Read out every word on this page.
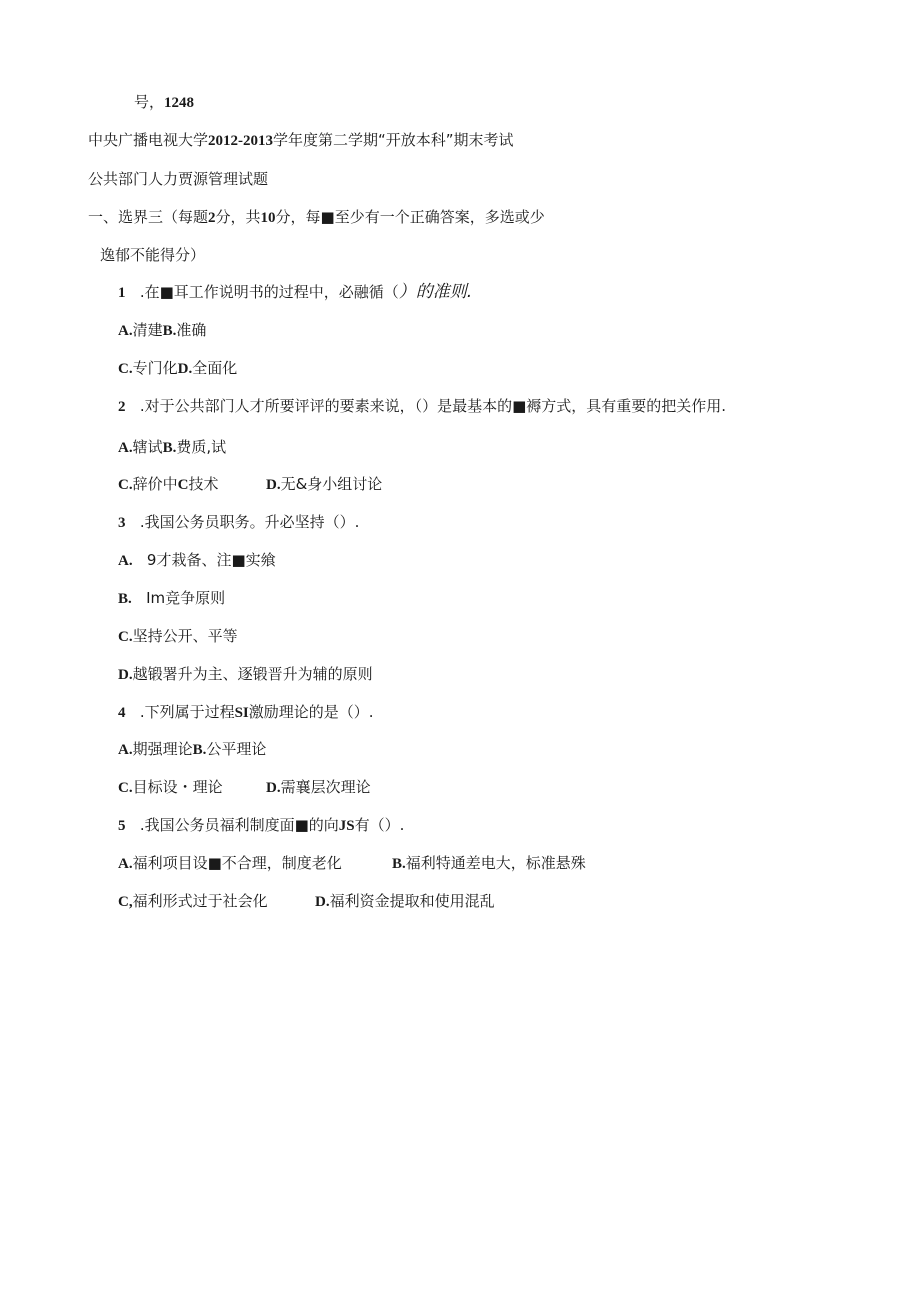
号，1248
中央广播电视大学2012-2013学年度第二学期“开放本科”期末考试
公共部门人力贾源管理试题
一、选界三（每题2分，共10分，每■至少有一个正确答案，多选或少
逸郁不能得分）
1 .在■耳工作说明书的过程中，必融循（）的准则.
A.清建B.准确
C.专门化D.全面化
2 .对于公共部门人才所要评评的要素来说，（）是最基本的■褥方式，具有重要的把关作用.
A.辖试B.费质,试
C.辞价中C技术	D.无&身小组讨论
3 .我国公务员职务。升必坚持（）.
A. 9才栽备、注■实飨
B. Im竞争原则
C.坚持公开、平等
D.越锻署升为主、逐锻晋升为辅的原则
4 .下列属于过程SI激励理论的是（）.
A.期强理论B.公平理论
C.目标设・理论	D.需襄层次理论
5 .我国公务员福利制度面■的向JS有（）.
A.福利项目设■不合理，制度老化	B.福利特通差电大，标准悬殊
C,福利形式过于社会化	D.福利资金提取和使用混乱
